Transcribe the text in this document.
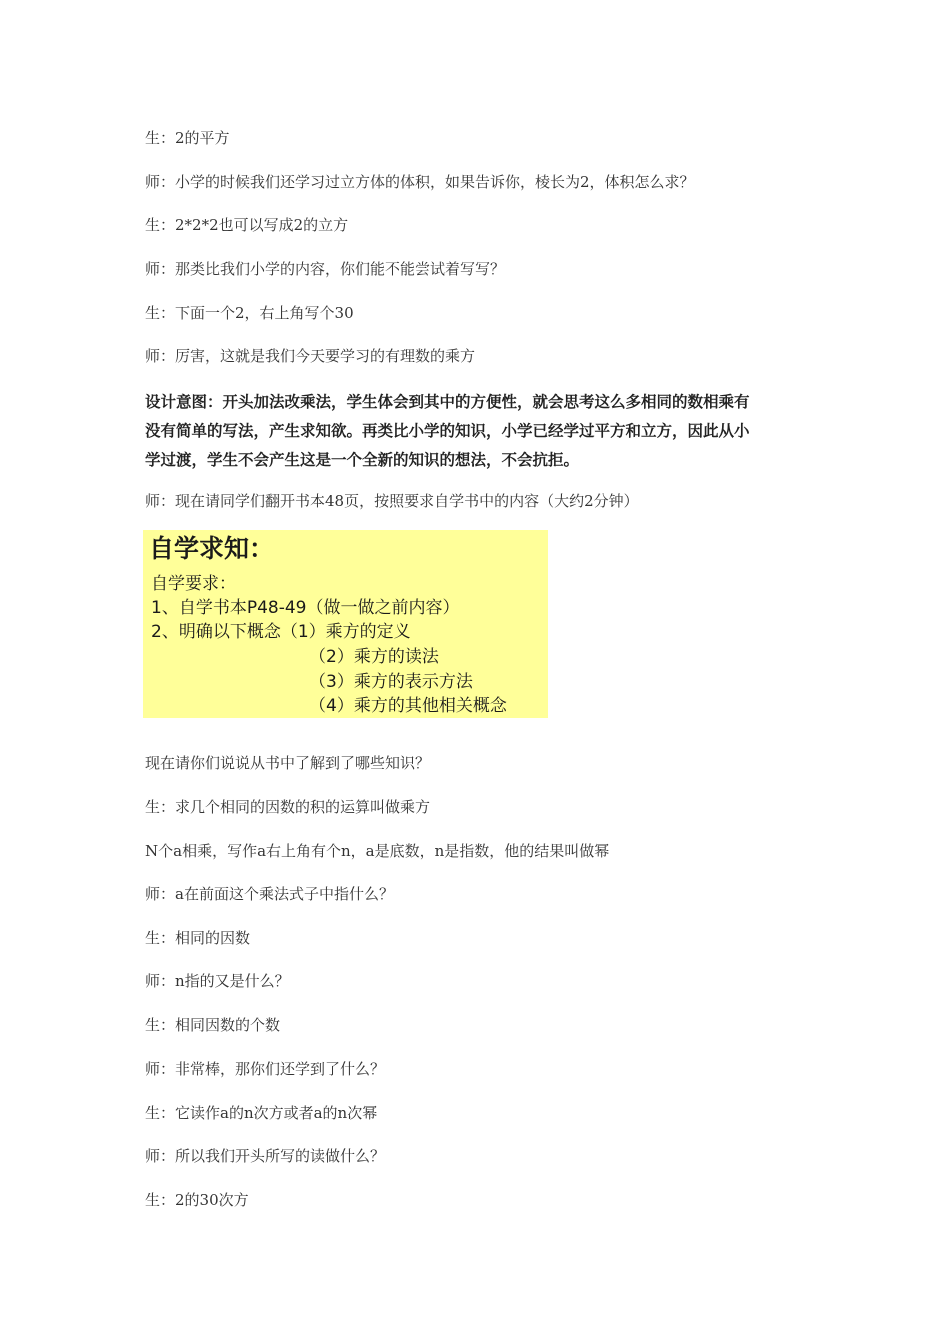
生：2的平方
师：小学的时候我们还学习过立方体的体积，如果告诉你，棱长为2，体积怎么求？
生：2*2*2也可以写成2的立方
师：那类比我们小学的内容，你们能不能尝试着写写？
生：下面一个2，右上角写个30
师：厉害，这就是我们今天要学习的有理数的乘方
设计意图：开头加法改乘法，学生体会到其中的方便性，就会思考这么多相同的数相乘有
没有简单的写法，产生求知欲。再类比小学的知识，小学已经学过平方和立方，因此从小
学过渡，学生不会产生这是一个全新的知识的想法，不会抗拒。
师：现在请同学们翻开书本48页，按照要求自学书中的内容（大约2分钟）
自学求知：
自学要求：
1、自学书本P48-49（做一做之前内容）
2、明确以下概念（1）乘方的定义
（2）乘方的读法
（3）乘方的表示方法
（4）乘方的其他相关概念
现在请你们说说从书中了解到了哪些知识？
生：求几个相同的因数的积的运算叫做乘方
N个a相乘，写作a右上角有个n，a是底数，n是指数，他的结果叫做幂
师：a在前面这个乘法式子中指什么？
生：相同的因数
师：n指的又是什么？
生：相同因数的个数
师：非常棒，那你们还学到了什么？
生：它读作a的n次方或者a的n次幂
师：所以我们开头所写的读做什么？
生：2的30次方
